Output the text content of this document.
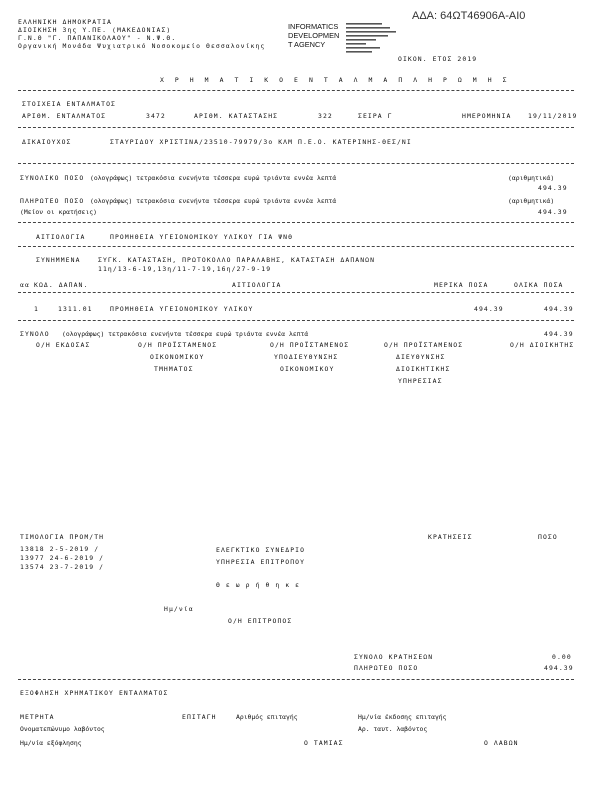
ΑΔΑ: 64ΩΤ46906Α-ΑΙ0
ΕΛΛΗΝΙΚΗ ΔΗΜΟΚΡΑΤΙΑ
ΔΙΟΙΚΗΣΗ 3ης Υ.ΠΕ. (ΜΑΚΕΔΟΝΙΑΣ)
Γ.Ν.Θ "Γ. ΠΑΠΑΝΙΚΟΛΑΟΥ" - Ν.Ψ.Θ.
Οργανική Μονάδα Ψυχιατρικό Νοσοκομείο Θεσσαλονίκης
INFORMATICS
DEVELOPMEN
T AGENCY
ΟΙΚΟΝ. ΕΤΟΣ 2019
Χ Ρ Η Μ Α Τ Ι Κ Ο Ε Ν Τ Α Λ Μ Α Π Λ Η Ρ Ω Μ Η Σ
ΣΤΟΙΧΕΙΑ ΕΝΤΑΛΜΑΤΟΣ
ΑΡΙΘΜ. ΕΝΤΑΛΜΑΤΟΣ	3472	ΑΡΙΘΜ. ΚΑΤΑΣΤΑΣΗΣ	322	ΣΕΙΡΑ Γ	ΗΜΕΡΟΜΗΝΙΑ	19/11/2019
ΔΙΚΑΙΟΥΧΟΣ	ΣΤΑΥΡΙΔΟΥ ΧΡΙΣΤΙΝΑ/23510-79979/3ο ΚΛΜ Π.Ε.Ο. ΚΑΤΕΡΙΝΗΣ-ΘΕΣ/ΝΙ
ΣΥΝΟΛΙΚΟ ΠΟΣΟ (ολογράφως) τετρακόσια ενενήντα τέσσερα ευρώ τριάντα εννέα λεπτά	(αριθμητικά)
494.39
ΠΛΗΡΩΤΕΟ ΠΟΣΟ (ολογράφως) τετρακόσια ενενήντα τέσσερα ευρώ τριάντα εννέα λεπτά	(αριθμητικά)
(Μείον οι κρατήσεις)	494.39
ΑΙΤΙΟΛΟΓΙΑ	ΠΡΟΜΗΘΕΙΑ ΥΓΕΙΟΝΟΜΙΚΟΥ ΥΛΙΚΟΥ ΓΙΑ ΨΝΘ
ΣΥΝΗΜΜΕΝΑ	ΣΥΓΚ. ΚΑΤΑΣΤΑΣΗ, ΠΡΩΤΟΚΟΛΛΟ ΠΑΡΑΛΑΒΗΣ, ΚΑΤΑΣΤΑΣΗ ΔΑΠΑΝΩΝ
11η/13-6-19,13η/11-7-19,16η/27-9-19
αα ΚΩΔ. ΔΑΠΑΝ.	ΑΙΤΙΟΛΟΓΙΑ	ΜΕΡΙΚΑ ΠΟΣΑ	ΟΛΙΚΑ ΠΟΣΑ
1	1311.01	ΠΡΟΜΗΘΕΙΑ ΥΓΕΙΟΝΟΜΙΚΟΥ ΥΛΙΚΟΥ	494.39	494.39
ΣΥΝΟΛΟ (ολογράφως) τετρακόσια ενενήντα τέσσερα ευρώ τριάντα εννέα λεπτά	494.39
Ο/Η ΕΚΔΟΣΑΣ	Ο/Η ΠΡΟΪΣΤΑΜΕΝΟΣ
ΟΙΚΟΝΟΜΙΚΟΥ
ΤΜΗΜΑΤΟΣ
Ο/Η ΠΡΟΪΣΤΑΜΕΝΟΣ
ΥΠΟΔΙΕΥΘΥΝΣΗΣ
ΟΙΚΟΝΟΜΙΚΟΥ
Ο/Η ΠΡΟΪΣΤΑΜΕΝΟΣ
ΔΙΕΥΘΥΝΣΗΣ
ΔΙΟΙΚΗΤΙΚΗΣ
ΥΠΗΡΕΣΙΑΣ
Ο/Η ΔΙΟΙΚΗΤΗΣ
ΤΙΜΟΛΟΓΙΑ ΠΡΟΜ/ΤΗ	ΚΡΑΤΗΣΕΙΣ	ΠΟΣΟ
13818 2-5-2019 /
13977 24-6-2019 /
13574 23-7-2019 /
ΕΛΕΓΚΤΙΚΟ ΣΥΝΕΔΡΙΟ
ΥΠΗΡΕΣΙΑ ΕΠΙΤΡΟΠΟΥ
Θ ε ω ρ ή θ η κ ε
Ημ/νία
Ο/Η ΕΠΙΤΡΟΠΟΣ
ΣΥΝΟΛΟ ΚΡΑΤΗΣΕΩΝ	0.00
ΠΛΗΡΩΤΕΟ ΠΟΣΟ	494.39
ΕΞΟΦΛΗΣΗ ΧΡΗΜΑΤΙΚΟΥ ΕΝΤΑΛΜΑΤΟΣ
ΜΕΤΡΗΤΑ	ΕΠΙΤΑΓΗ	Αριθμός επιταγής	Ημ/νία έκδοσης επιταγής
Ονοματεπώνυμο λαβόντος	Αρ. ταυτ. λαβόντος
Ημ/νία εξόφλησης	Ο ΤΑΜΙΑΣ	Ο ΛΑΒΩΝ
